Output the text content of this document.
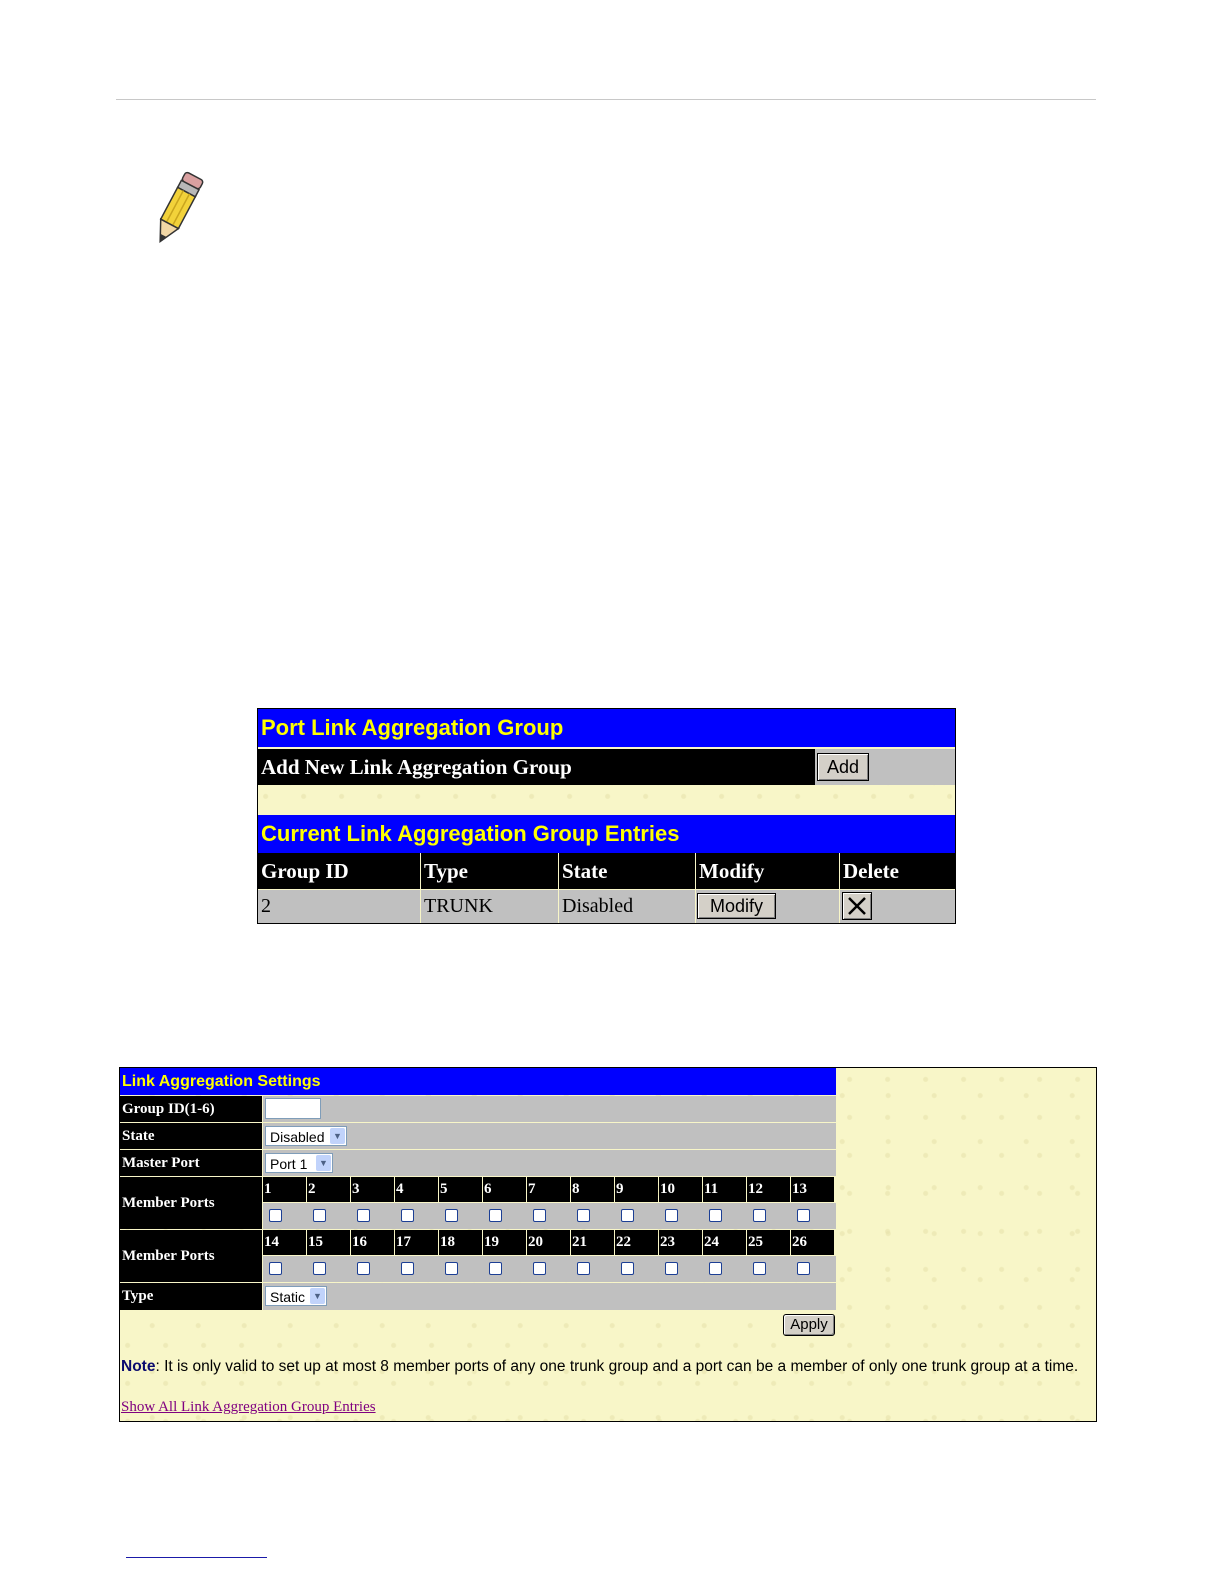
Port Link Aggregation Group
Add New Link Aggregation Group	Add
Current Link Aggregation Group Entries
Group ID	Type	State	Modify	Delete
2	TRUNK	Disabled	Modify
Link Aggregation Settings
Group ID(1-6)
State	Disabled ▼
Master Port	Port 1	▼
Member Ports
1	2	3	4	5	6	7	8	9	10	11	12	13
Member Ports
14	15	16	17	18	19	20	21	22	23	24	25	26
Type	Static ▼
Apply
Note: It is only valid to set up at most 8 member ports of any one trunk group and a port can be a member of only one trunk group at a time.
Show All Link Aggregation Group Entries
